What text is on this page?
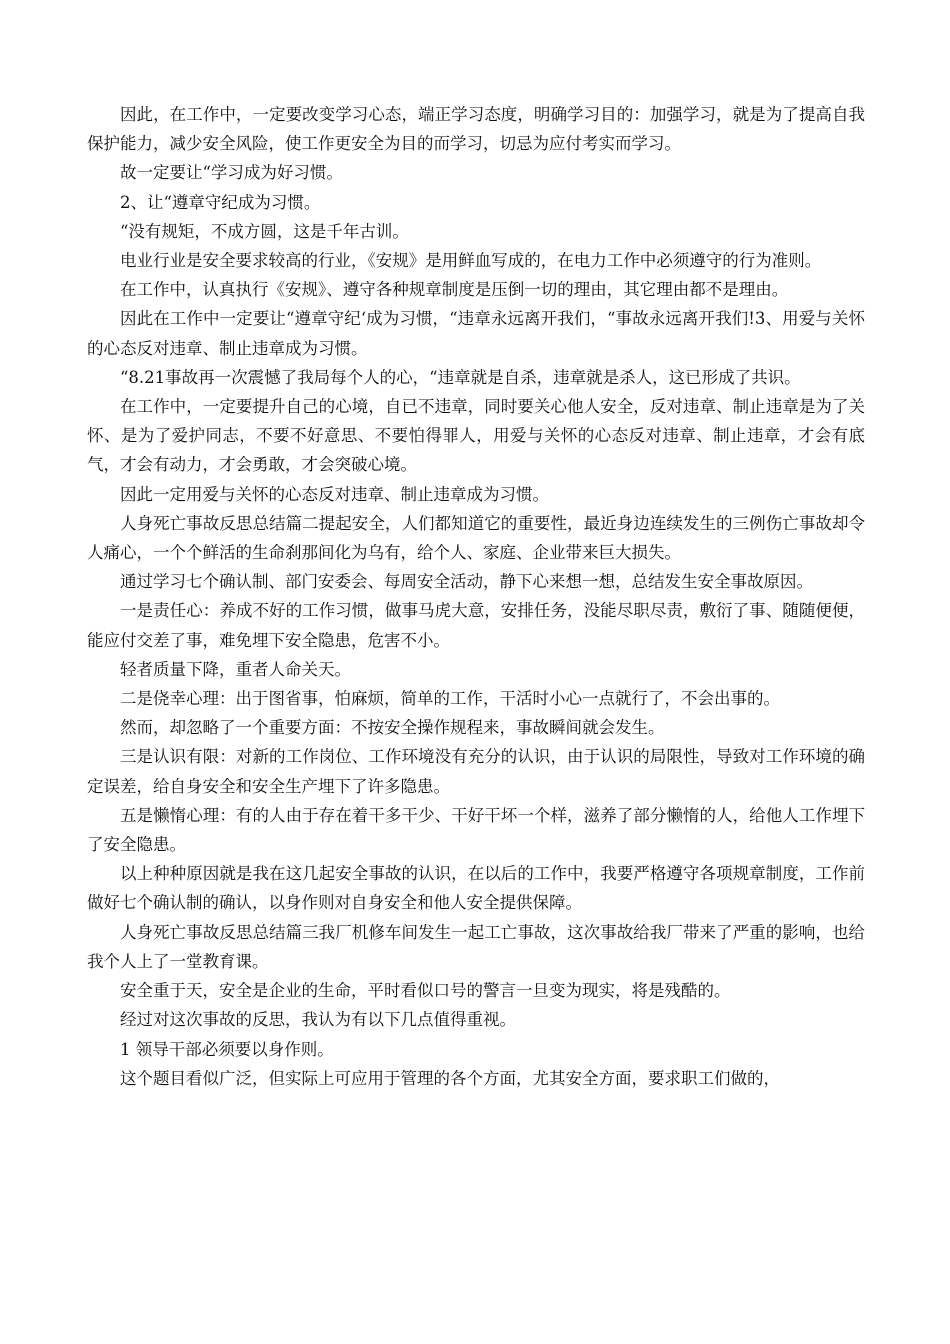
因此，在工作中，一定要改变学习心态，端正学习态度，明确学习目的：加强学习，就是为了提高自我保护能力，减少安全风险，使工作更安全为目的而学习，切忌为应付考实而学习。

故一定要让“学习成为好习惯。

2、让“遵章守纪成为习惯。

“没有规矩，不成方圆，这是千年古训。

电业行业是安全要求较高的行业，《安规》是用鲜血写成的，在电力工作中必须遵守的行为准则。

在工作中，认真执行《安规》、遵守各种规章制度是压倒一切的理由，其它理由都不是理由。

因此在工作中一定要让“遵章守纪‘成为习惯，“违章永远离开我们，“事故永远离开我们!3、用爱与关怀的心态反对违章、制止违章成为习惯。

“8.21事故再一次震憾了我局每个人的心，“违章就是自杀，违章就是杀人，这已形成了共识。

在工作中，一定要提升自己的心境，自已不违章，同时要关心他人安全，反对违章、制止违章是为了关怀、是为了爱护同志，不要不好意思、不要怕得罪人，用爱与关怀的心态反对违章、制止违章，才会有底气，才会有动力，才会勇敢，才会突破心境。

因此一定用爱与关怀的心态反对违章、制止违章成为习惯。

人身死亡事故反思总结篇二提起安全，人们都知道它的重要性，最近身边连续发生的三例伤亡事故却令人痛心，一个个鲜活的生命刹那间化为乌有，给个人、家庭、企业带来巨大损失。

通过学习七个确认制、部门安委会、每周安全活动，静下心来想一想，总结发生安全事故原因。

一是责任心：养成不好的工作习惯，做事马虎大意，安排任务，没能尽职尽责，敷衍了事、随随便便，能应付交差了事，难免埋下安全隐患，危害不小。

轻者质量下降，重者人命关天。

二是侥幸心理：出于图省事，怕麻烦，简单的工作，干活时小心一点就行了，不会出事的。

然而，却忽略了一个重要方面：不按安全操作规程来，事故瞬间就会发生。

三是认识有限：对新的工作岗位、工作环境没有充分的认识，由于认识的局限性，导致对工作环境的确定误差，给自身安全和安全生产埋下了许多隐患。

五是懒惰心理：有的人由于存在着干多干少、干好干坏一个样，滋养了部分懒惰的人，给他人工作埋下了安全隐患。

以上种种原因就是我在这几起安全事故的认识，在以后的工作中，我要严格遵守各项规章制度，工作前做好七个确认制的确认，以身作则对自身安全和他人安全提供保障。

人身死亡事故反思总结篇三我厂机修车间发生一起工亡事故，这次事故给我厂带来了严重的影响，也给我个人上了一堂教育课。

安全重于天，安全是企业的生命，平时看似口号的警言一旦变为现实，将是残酷的。

经过对这次事故的反思，我认为有以下几点值得重视。

1 领导干部必须要以身作则。

这个题目看似广泛，但实际上可应用于管理的各个方面，尤其安全方面，要求职工们做的，
